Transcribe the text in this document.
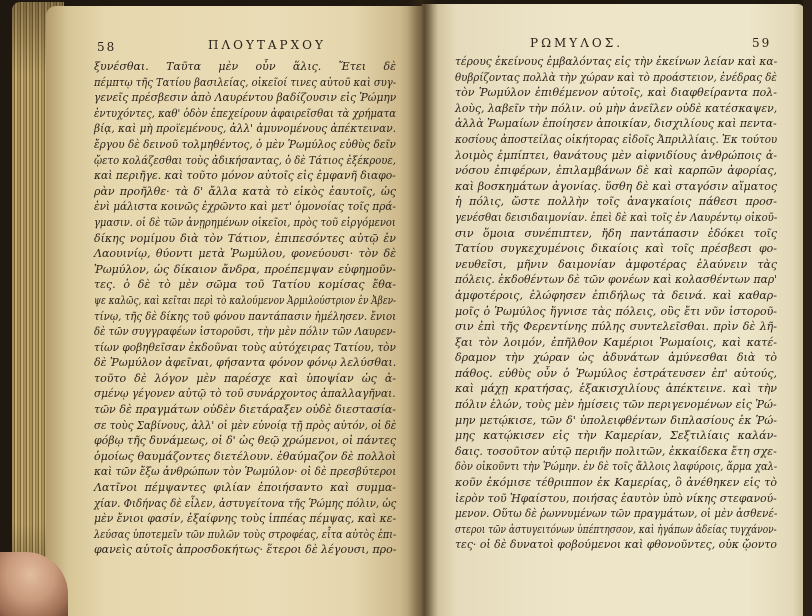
58	ΠΛΟΥΤΑΡΧΟΥ	ΡΩΜΥΛΟΣ.	59
ξυνέσθαι. Ταῦτα μὲν οὖν ἅλις. Ἔτει δὲ
πέμπτῳ τῆς Τατίου βασιλείας, οἰκεῖοί τινες αὐτοῦ καὶ συγ-
γενεῖς πρέσβεσιν ἀπὸ Λαυρέντου βαδίζουσιν εἰς Ῥώμην
ἐντυχόντες, καθ' ὁδὸν ἐπεχείρουν ἀφαιρεῖσθαι τὰ χρήματα
βίᾳ, καὶ μὴ προϊεμένους, ἀλλ' ἀμυνομένους ἀπέκτειναν.
ἔργου δὲ δεινοῦ τολμηθέντος, ὁ μὲν Ῥωμύλος εὐθὺς δεῖν
ᾤετο κολάζεσθαι τοὺς ἀδικήσαντας, ὁ δὲ Τάτιος ἐξέκρουε,
καὶ περιῆγε. καὶ τοῦτο μόνον αὐτοῖς εἰς ἐμφανῆ διαφο-
ρὰν προῆλθε· τὰ δ' ἄλλα κατὰ τὸ εἰκὸς ἑαυτοῖς, ὡς
ἐνὶ μάλιστα κοινῶς ἐχρῶντο καὶ μετ' ὁμονοίας τοῖς πρά-
γμασιν. οἱ δὲ τῶν ἀνῃρημένων οἰκεῖοι, πρὸς τοῦ εἰργόμενοι
δίκης νομίμου διὰ τὸν Τάτιον, ἐπιπεσόντες αὐτῷ ἐν
Λαουινίῳ, θύοντι μετὰ Ῥωμύλου, φονεύουσι· τὸν δὲ
Ῥωμύλον, ὡς δίκαιον ἄνδρα, προέπεμψαν εὐφημοῦν-
τες. ὁ δὲ τὸ μὲν σῶμα τοῦ Τατίου κομίσας ἔθα-
ψε καλῶς, καὶ κεῖται περὶ τὸ καλούμενον Ἀρμιλούστριον ἐν Ἀβεν-
τίνῳ, τῆς δὲ δίκης τοῦ φόνου παντάπασιν ἠμέλησεν. ἔνιοι
δὲ τῶν συγγραφέων ἱστοροῦσι, τὴν μὲν πόλιν τῶν Λαυρεν-
τίων φοβηθεῖσαν ἐκδοῦναι τοὺς αὐτόχειρας Τατίου, τὸν
δὲ Ῥωμύλον ἀφεῖναι, φήσαντα φόνον φόνῳ λελύσθαι.
τοῦτο δὲ λόγον μὲν παρέσχε καὶ ὑποψίαν ὡς ἀ-
σμένῳ γέγονεν αὐτῷ τὸ τοῦ συνάρχοντος ἀπαλλαγῆναι.
τῶν δὲ πραγμάτων οὐδὲν διετάραξεν οὐδὲ διεστασία-
σε τοὺς Σαβίνους, ἀλλ' οἱ μὲν εὐνοίᾳ τῇ πρὸς αὐτόν, οἱ δὲ
φόβῳ τῆς δυνάμεως, οἱ δ' ὡς θεῷ χρώμενοι, οἱ πάντες
ὁμοίως θαυμάζοντες διετέλουν. ἐθαύμαζον δὲ πολλοὶ
καὶ τῶν ἔξω ἀνθρώπων τὸν Ῥωμύλον· οἱ δὲ πρεσβύτεροι
Λατῖνοι πέμψαντες φιλίαν ἐποιήσαντο καὶ συμμα-
χίαν. Φιδήνας δὲ εἷλεν, ἀστυγείτονα τῆς Ῥώμης πόλιν, ὡς
μὲν ἔνιοι φασίν, ἐξαίφνης τοὺς ἱππέας πέμψας, καὶ κε-
λεύσας ὑποτεμεῖν τῶν πυλῶν τοὺς στροφέας, εἶτα αὐτὸς ἐπι-
φανεὶς αὐτοῖς ἀπροσδοκήτως· ἕτεροι δὲ λέγουσι, προ-
τέρους ἐκείνους ἐμβαλόντας εἰς τὴν ἐκείνων λείαν καὶ κα-
θυβρίζοντας πολλὰ τὴν χώραν καὶ τὸ προάστειον, ἐνέδρας δὲ
τὸν Ῥωμύλον ἐπιθέμενον αὐτοῖς, καὶ διαφθείραντα πολ-
λοὺς, λαβεῖν τὴν πόλιν. οὐ μὴν ἀνεῖλεν οὐδὲ κατέσκαψεν,
ἀλλὰ Ῥωμαίων ἐποίησεν ἀποικίαν, δισχιλίους καὶ πεντα-
κοσίους ἀποστείλας οἰκήτορας εἰδοῖς Ἀπριλλίαις. Ἐκ τούτου
λοιμὸς ἐμπίπτει, θανάτους μὲν αἰφνιδίους ἀνθρώποις ἀ-
νόσου ἐπιφέρων, ἐπιλαμβάνων δὲ καὶ καρπῶν ἀφορίας,
καὶ βοσκημάτων ἀγονίας. ὕσθη δὲ καὶ σταγόσιν αἵματος
ἡ πόλις, ὥστε πολλὴν τοῖς ἀναγκαίοις πάθεσι προσ-
γενέσθαι δεισιδαιμονίαν. ἐπεὶ δὲ καὶ τοῖς ἐν Λαυρέντῳ οἰκοῦ-
σιν ὅμοια συνέπιπτεν, ἤδη παντάπασιν ἐδόκει τοῖς
Τατίου συγκεχυμένοις δικαίοις καὶ τοῖς πρέσβεσι φο-
νευθεῖσι, μῆνιν δαιμονίαν ἀμφοτέρας ἐλαύνειν τὰς
πόλεις. ἐκδοθέντων δὲ τῶν φονέων καὶ κολασθέντων παρ'
ἀμφοτέροις, ἐλώφησεν ἐπιδήλως τὰ δεινά. καὶ καθαρ-
μοῖς ὁ Ῥωμύλος ἥγνισε τὰς πόλεις, οὓς ἔτι νῦν ἱστοροῦ-
σιν ἐπὶ τῆς Φερεντίνης πύλης συντελεῖσθαι. πρὶν δὲ λῆ-
ξαι τὸν λοιμόν, ἐπῆλθον Καμέριοι Ῥωμαίοις, καὶ κατέ-
δραμον τὴν χώραν ὡς ἀδυνάτων ἀμύνεσθαι διὰ τὸ
πάθος. εὐθὺς οὖν ὁ Ῥωμύλος ἐστράτευσεν ἐπ' αὐτούς,
καὶ μάχῃ κρατήσας, ἑξακισχιλίους ἀπέκτεινε. καὶ τὴν
πόλιν ἑλών, τοὺς μὲν ἡμίσεις τῶν περιγενομένων εἰς Ῥώ-
μην μετῴκισε, τῶν δ' ὑπολειφθέντων διπλασίους ἐκ Ῥώ-
μης κατῴκισεν εἰς τὴν Καμερίαν, Σεξτιλίαις καλάν-
δαις. τοσοῦτον αὐτῷ περιῆν πολιτῶν, ἑκκαίδεκα ἔτη σχε-
δὸν οἰκοῦντι τὴν Ῥώμην. ἐν δὲ τοῖς ἄλλοις λαφύροις, ἅρμα χαλ-
κοῦν ἐκόμισε τέθριππον ἐκ Καμερίας, ὃ ἀνέθηκεν εἰς τὸ
ἱερὸν τοῦ Ἡφαίστου, ποιήσας ἑαυτὸν ὑπὸ νίκης στεφανού-
μενον. Οὕτω δὲ ῥωννυμένων τῶν πραγμάτων, οἱ μὲν ἀσθενέ-
στεροι τῶν ἀστυγειτόνων ὑπέπτησσον, καὶ ἠγάπων ἀδείας τυγχάνον-
τες· οἱ δὲ δυνατοὶ φοβούμενοι καὶ φθονοῦντες, οὐκ ᾤοντο
